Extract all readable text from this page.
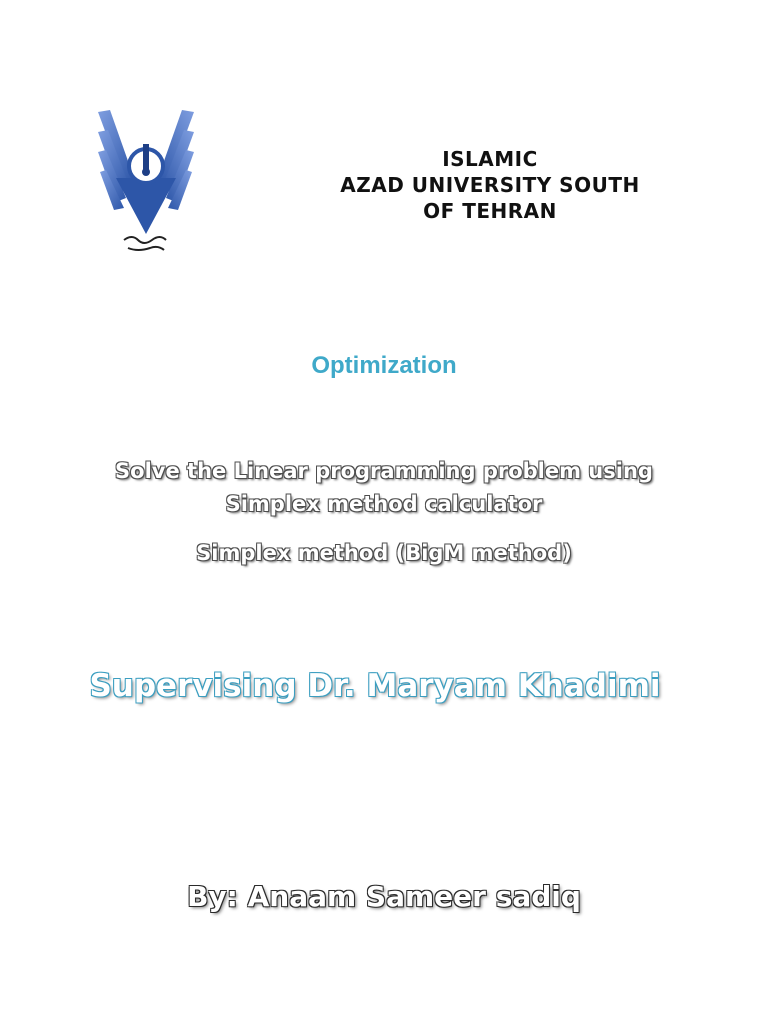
ISLAMIC
AZAD UNIVERSITY SOUTH
OF TEHRAN
Optimization
Solve the Linear programming problem using
Simplex method calculator
Simplex method (BigM method)
Supervising Dr. Maryam Khadimi
By: Anaam Sameer sadiq
